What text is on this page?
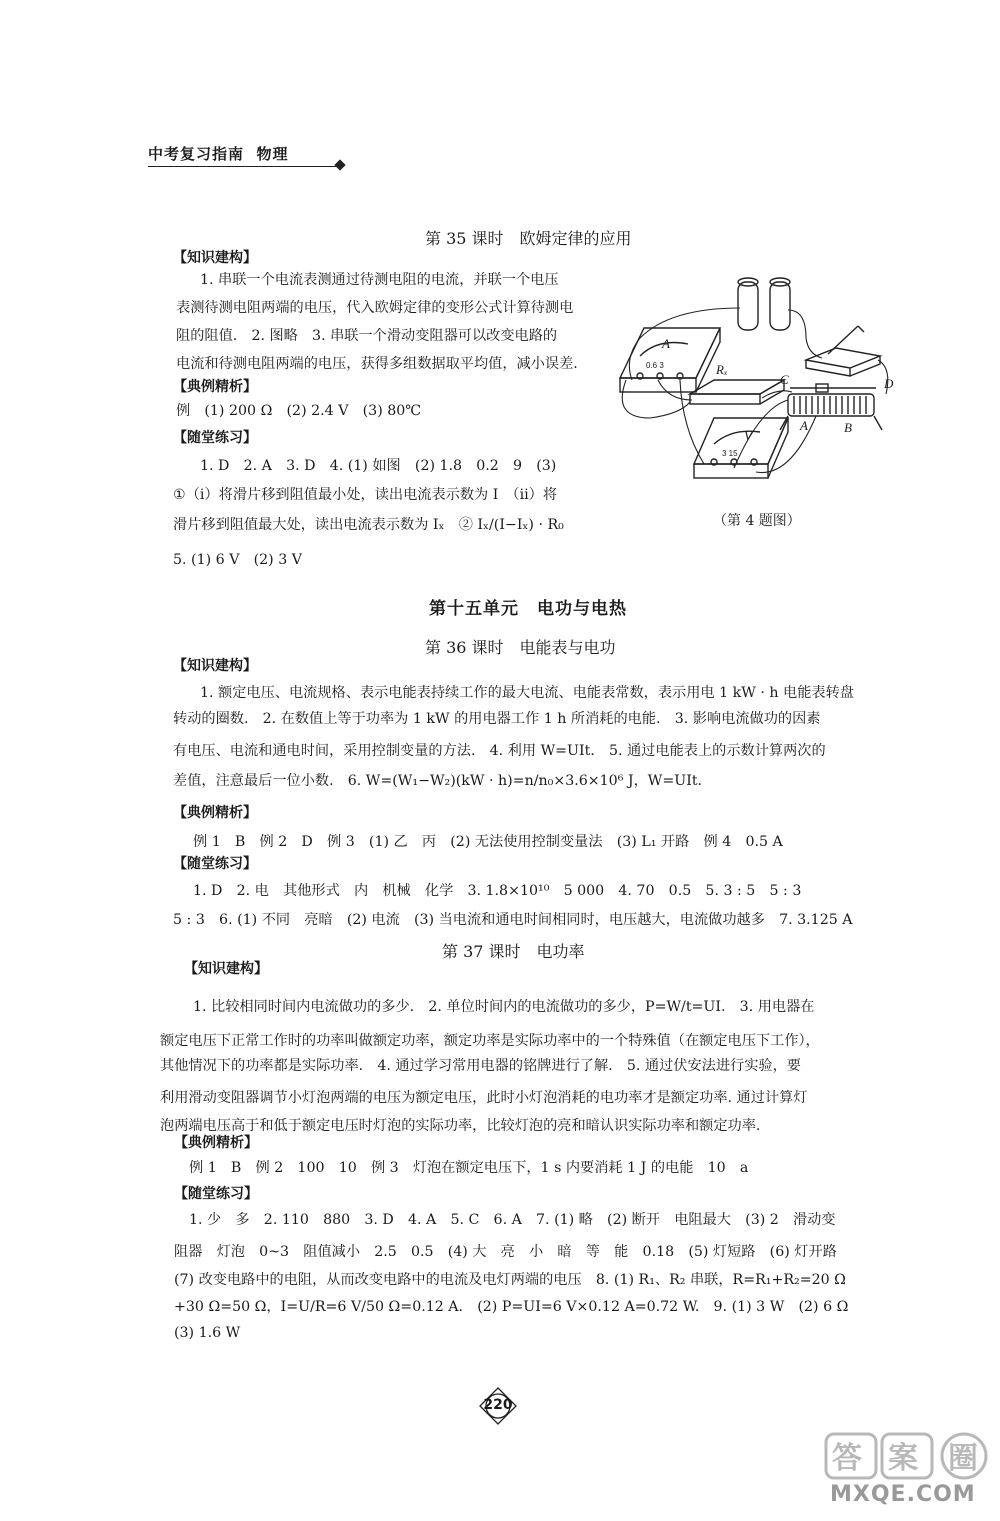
中考复习指南 物理
第 35 课时　欧姆定律的应用
【知识建构】
1. 串联一个电流表测通过待测电阻的电流，并联一个电压
表测待测电阻两端的电压，代入欧姆定律的变形公式计算待测电
阻的阻值.　2. 图略　3. 串联一个滑动变阻器可以改变电路的
电流和待测电阻两端的电压，获得多组数据取平均值，减小误差.
【典例精析】
例　(1) 200 Ω　(2) 2.4 V　(3) 80℃
【随堂练习】
1. D　2. A　3. D　4. (1) 如图　(2) 1.8　0.2　9　(3)
①（ⅰ）将滑片移到阻值最小处，读出电流表示数为 I　（ⅱ）将
滑片移到阻值最大处，读出电流表示数为 Iₓ　② Iₓ/(I−Iₓ) · R₀
5. (1) 6 V　(2) 3 V
A
V
Rₓ
C	D
A	B
0.6 3
3 15
（第 4 题图）
第十五单元　电功与电热
第 36 课时　电能表与电功
【知识建构】
1. 额定电压、电流规格、表示电能表持续工作的最大电流、电能表常数，表示用电 1 kW · h 电能表转盘
转动的圈数.　2. 在数值上等于功率为 1 kW 的用电器工作 1 h 所消耗的电能.　3. 影响电流做功的因素
有电压、电流和通电时间，采用控制变量的方法.　4. 利用 W=UIt.　5. 通过电能表上的示数计算两次的
差值，注意最后一位小数.　6. W=(W₁−W₂)(kW · h)=n/n₀×3.6×10⁶ J，W=UIt.
【典例精析】
例 1　B　例 2　D　例 3　(1) 乙　丙　(2) 无法使用控制变量法　(3) L₁ 开路　例 4　0.5 A
【随堂练习】
1. D　2. 电　其他形式　内　机械　化学　3. 1.8×10¹⁰　5 000　4. 70　0.5　5. 3 : 5　5 : 3
5 : 3　6. (1) 不同　亮暗　(2) 电流　(3) 当电流和通电时间相同时，电压越大，电流做功越多　7. 3.125 A
第 37 课时　电功率
【知识建构】
1. 比较相同时间内电流做功的多少.　2. 单位时间内的电流做功的多少，P=W/t=UI.　3. 用电器在
额定电压下正常工作时的功率叫做额定功率，额定功率是实际功率中的一个特殊值（在额定电压下工作），
其他情况下的功率都是实际功率.　4. 通过学习常用电器的铭牌进行了解.　5. 通过伏安法进行实验，要
利用滑动变阻器调节小灯泡两端的电压为额定电压，此时小灯泡消耗的电功率才是额定功率. 通过计算灯
泡两端电压高于和低于额定电压时灯泡的实际功率，比较灯泡的亮和暗认识实际功率和额定功率.
【典例精析】
例 1　B　例 2　100　10　例 3　灯泡在额定电压下，1 s 内要消耗 1 J 的电能　10　a
【随堂练习】
1. 少　多　2. 110　880　3. D　4. A　5. C　6. A　7. (1) 略　(2) 断开　电阻最大　(3) 2　滑动变
阻器　灯泡　0~3　阻值减小　2.5　0.5　(4) 大　亮　小　暗　等　能　0.18　(5) 灯短路　(6) 灯开路
(7) 改变电路中的电阻，从而改变电路中的电流及电灯两端的电压　8. (1) R₁、R₂ 串联，R=R₁+R₂=20 Ω
+30 Ω=50 Ω，I=U/R=6 V/50 Ω=0.12 A.　(2) P=UI=6 V×0.12 A=0.72 W.　9. (1) 3 W　(2) 6 Ω
(3) 1.6 W
220
答 案 圈
MXQE.COM
